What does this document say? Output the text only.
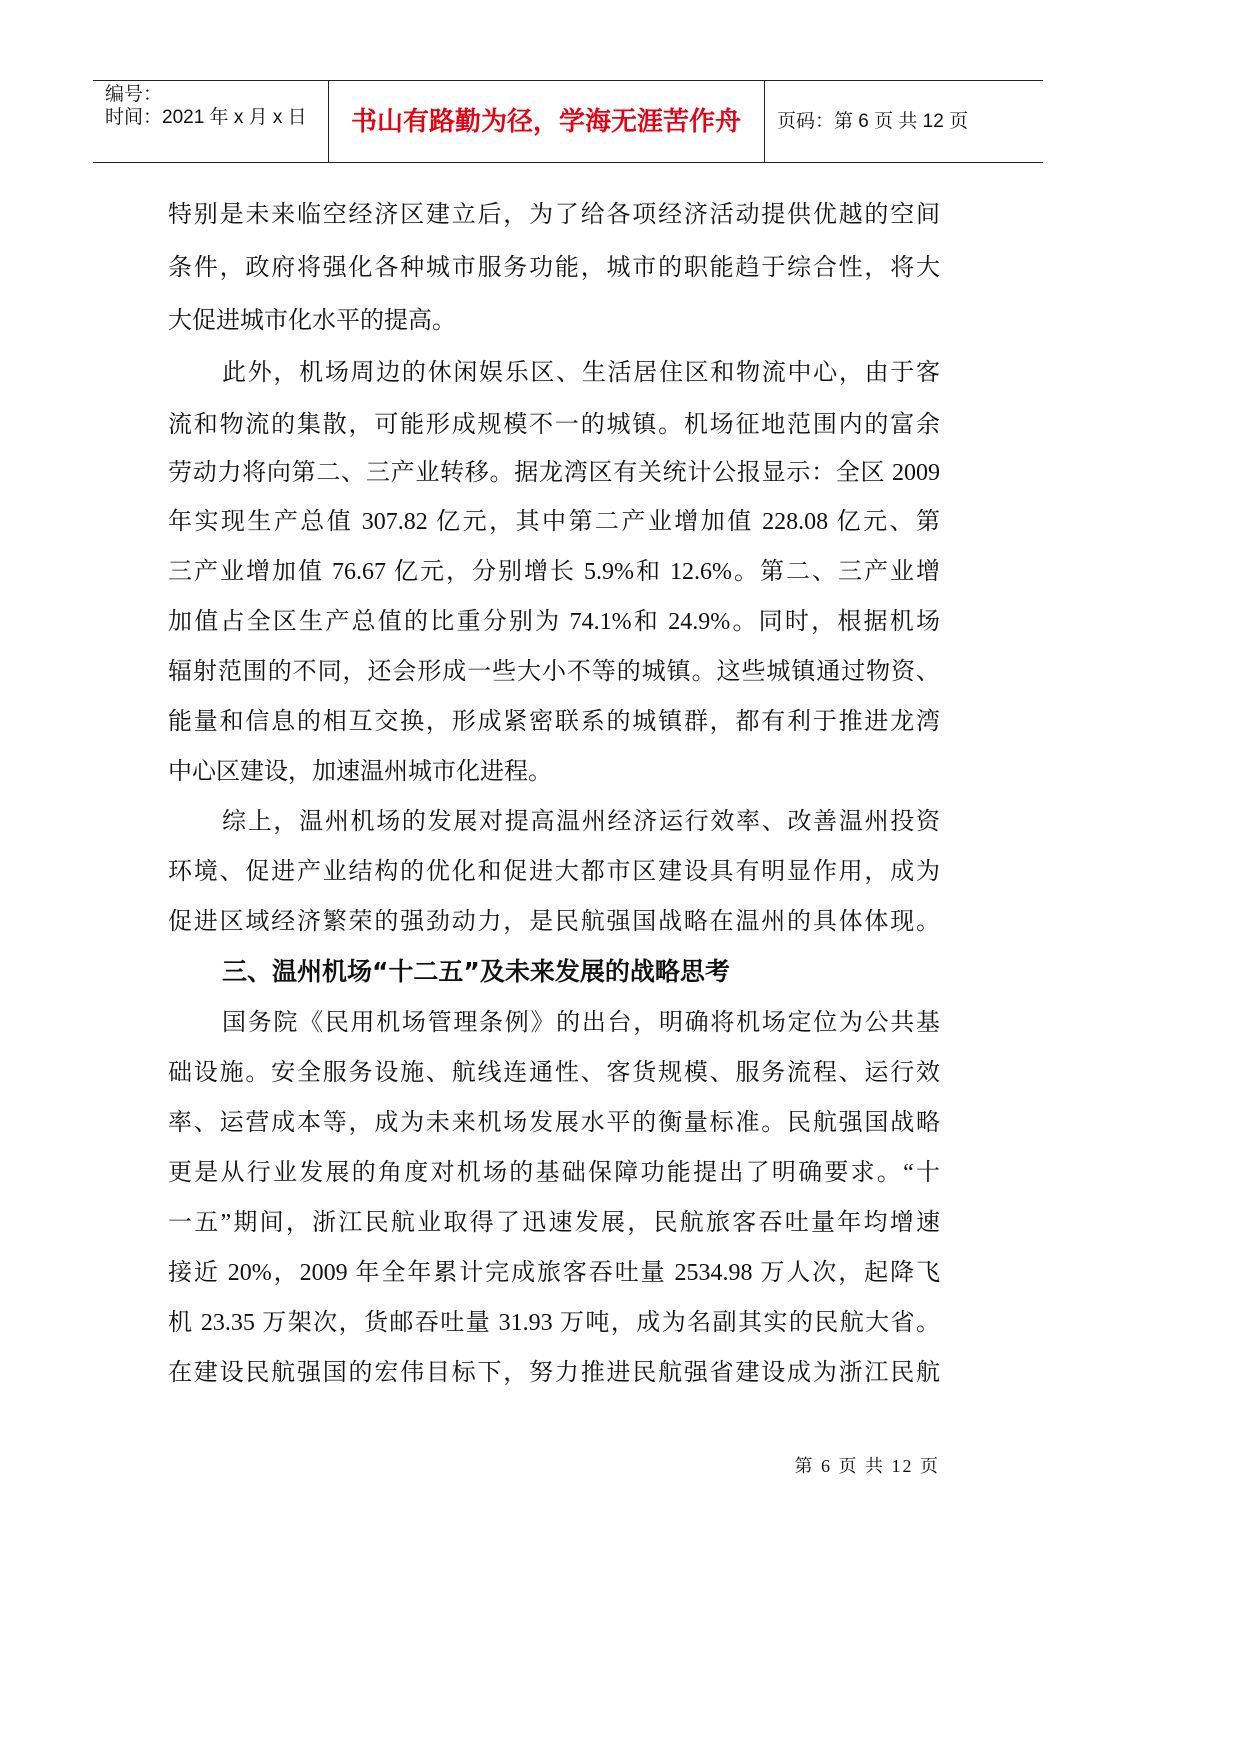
编号：
时间：2021 年 x 月 x 日	书山有路勤为径，学海无涯苦作舟	页码：第 6 页 共 12 页
特别是未来临空经济区建立后，为了给各项经济活动提供优越的空间
条件，政府将强化各种城市服务功能，城市的职能趋于综合性，将大
大促进城市化水平的提高。
此外，机场周边的休闲娱乐区、生活居住区和物流中心，由于客
流和物流的集散，可能形成规模不一的城镇。机场征地范围内的富余
劳动力将向第二、三产业转移。据龙湾区有关统计公报显示：全区 2009
年实现生产总值 307.82 亿元，其中第二产业增加值 228.08 亿元、第
三产业增加值 76.67 亿元，分别增长 5.9%和 12.6%。第二、三产业增
加值占全区生产总值的比重分别为 74.1%和 24.9%。同时，根据机场
辐射范围的不同，还会形成一些大小不等的城镇。这些城镇通过物资、
能量和信息的相互交换，形成紧密联系的城镇群，都有利于推进龙湾
中心区建设，加速温州城市化进程。
综上，温州机场的发展对提高温州经济运行效率、改善温州投资
环境、促进产业结构的优化和促进大都市区建设具有明显作用，成为
促进区域经济繁荣的强劲动力，是民航强国战略在温州的具体体现。
三、温州机场“十二五”及未来发展的战略思考
国务院《民用机场管理条例》的出台，明确将机场定位为公共基
础设施。安全服务设施、航线连通性、客货规模、服务流程、运行效
率、运营成本等，成为未来机场发展水平的衡量标准。民航强国战略
更是从行业发展的角度对机场的基础保障功能提出了明确要求。“十
一五”期间，浙江民航业取得了迅速发展，民航旅客吞吐量年均增速
接近 20%，2009 年全年累计完成旅客吞吐量 2534.98 万人次，起降飞
机 23.35 万架次，货邮吞吐量 31.93 万吨，成为名副其实的民航大省。
在建设民航强国的宏伟目标下，努力推进民航强省建设成为浙江民航
第 6 页 共 12 页
